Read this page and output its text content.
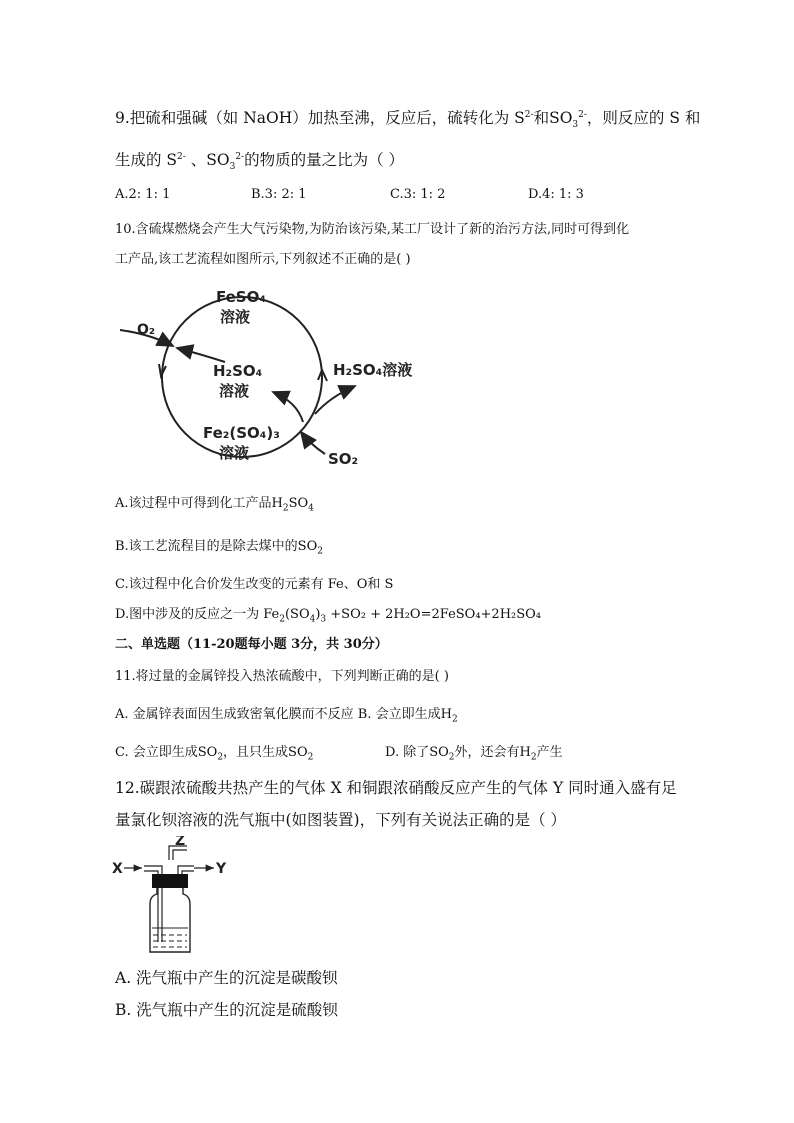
9.把硫和强碱（如 NaOH）加热至沸，反应后，硫转化为 $S^{2-}$和$SO_3^{2-}$，则反应的 S 和
生成的 $S^{2-}$ 、$SO_3^{2-}$的物质的量之比为（ ）
A.2: 1: 1	B.3: 2: 1	C.3: 1: 2	D.4: 1: 3
10.含硫煤燃烧会产生大气污染物,为防治该污染,某工厂设计了新的治污方法,同时可得到化
工产品,该工艺流程如图所示,下列叙述不正确的是( )
FeSO₄
溶液
O₂
H₂SO₄
溶液
H₂SO₄溶液
Fe₂(SO₄)₃
溶液	SO₂
A.该过程中可得到化工产品$H_2SO_4$
B.该工艺流程目的是除去煤中的$SO_2$
C.该过程中化合价发生改变的元素有 Fe、O和 S
D.图中涉及的反应之一为 $Fe_2(SO_4)_3 +SO_2$ + 2H₂O=2FeSO₄+2H₂SO₄
二、单选题（11-20题每小题 3分，共 30分）
11.将过量的金属锌投入热浓硫酸中，下列判断正确的是( )
A. 金属锌表面因生成致密氧化膜而不反应 B. 会立即生成$H_2$
C. 会立即生成$SO_2$，且只生成$SO_2$	D. 除了$SO_2$外，还会有$H_2$产生
12.碳跟浓硫酸共热产生的气体 X 和铜跟浓硝酸反应产生的气体 Y 同时通入盛有足
量氯化钡溶液的洗气瓶中(如图装置)，下列有关说法正确的是（ ）
X	Y
Z
A. 洗气瓶中产生的沉淀是碳酸钡
B. 洗气瓶中产生的沉淀是硫酸钡
